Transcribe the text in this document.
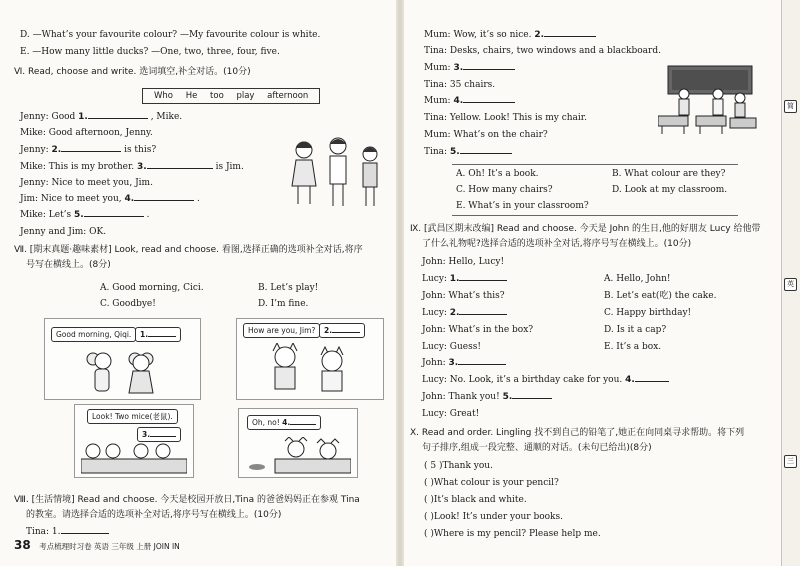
D. —What’s your favourite colour? —My favourite colour is white.
E. —How many little ducks? —One, two, three, four, five.
Ⅵ. Read, choose and write. 选词填空,补全对话。(10分)
Who He too play afternoon
Jenny: Good 1.	, Mike.
Mike: Good afternoon, Jenny.
Jenny: 2.	is this?
Mike: This is my brother. 3.	is Jim.
Jenny: Nice to meet you, Jim.
Jim: Nice to meet you, 4.	.
Mike: Let’s 5.	.
Jenny and Jim: OK.
Ⅶ. [期末真题·趣味素材] Look, read and choose. 看图,选择正确的选项补全对话,将序
号写在横线上。(8分)
A. Good morning, Cici.	B. Let’s play!
C. Goodbye!	D. I’m fine.
Good morning, Qiqi.	1.	How are you, Jim?	2.
Look! Two mice(老鼠).
3.
Oh, no! 4.
Ⅷ. [生活情境] Read and choose. 今天是校园开放日,Tina 的爸爸妈妈正在参观 Tina
的教室。请选择合适的选项补全对话,将序号写在横线上。(10分)
Tina: 1.
38 考点梳理时习卷 英语 三年级 上册 JOIN IN
Mum: Wow, it’s so nice. 2.
Tina: Desks, chairs, two windows and a blackboard.
Mum: 3.
Tina: 35 chairs.
Mum: 4.
Tina: Yellow. Look! This is my chair.
Mum: What’s on the chair?
Tina: 5.
A. Oh! It’s a book.	B. What colour are they?
C. How many chairs?	D. Look at my classroom.
E. What’s in your classroom?
Ⅸ. [武昌区期末改编] Read and choose. 今天是 John 的生日,他的好朋友 Lucy 给他带
了什么礼物呢?选择合适的选项补全对话,将序号写在横线上。(10分)
John: Hello, Lucy!
Lucy: 1.
John: What’s this?
Lucy: 2.
John: What’s in the box?
Lucy: Guess!
John: 3.
Lucy: No. Look, it’s a birthday cake for you. 4.
John: Thank you! 5.
Lucy: Great!
A. Hello, John!
B. Let’s eat(吃) the cake.
C. Happy birthday!
D. Is it a cap?
E. It’s a box.
Ⅹ. Read and order. Lingling 找不到自己的铅笔了,她正在向同桌寻求帮助。将下列
句子排序,组成一段完整、通顺的对话。(未句已给出)(8分)
( 5 )Thank you.
( )What colour is your pencil?
( )It’s black and white.
( )Look! It’s under your books.
( )Where is my pencil? Please help me.
简
英
三
